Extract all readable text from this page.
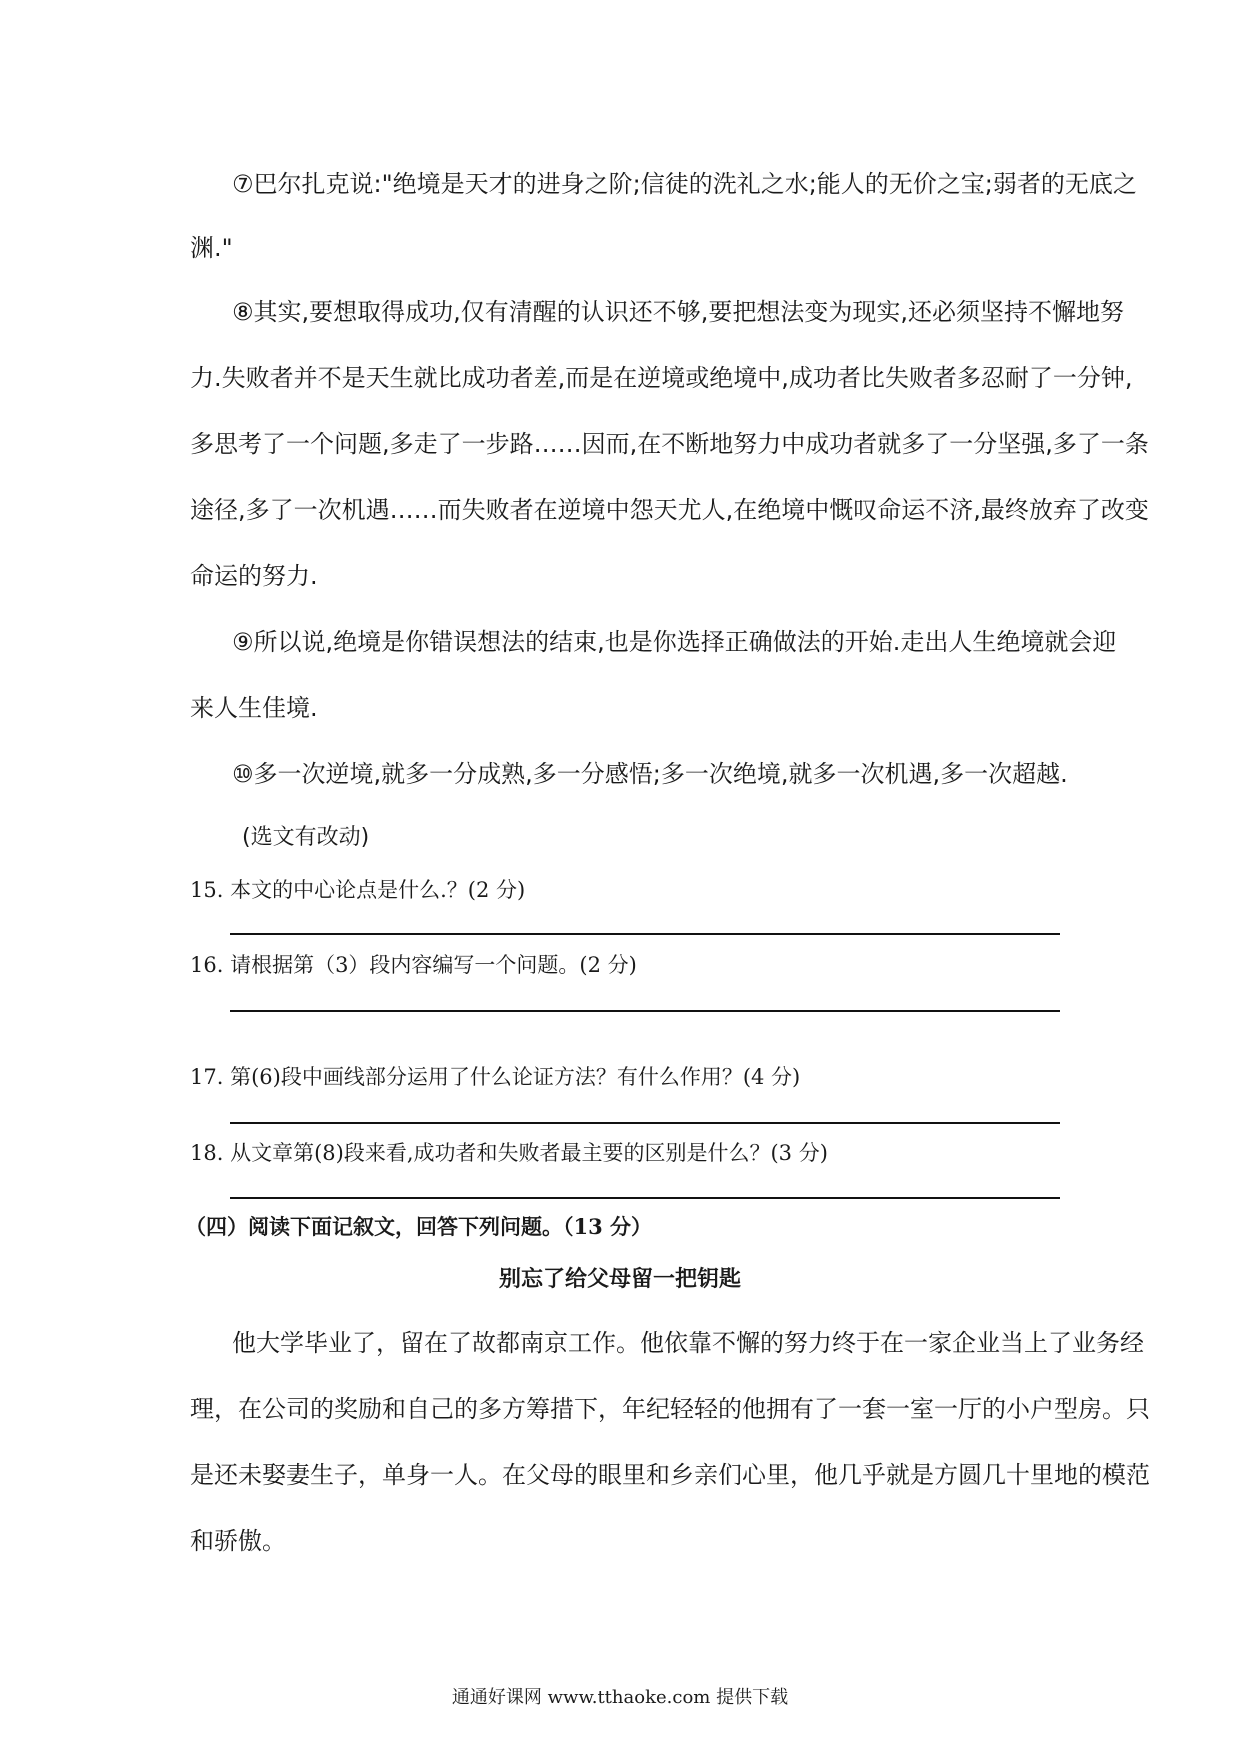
⑦巴尔扎克说:"绝境是天才的进身之阶;信徒的洗礼之水;能人的无价之宝;弱者的无底之
渊."
⑧其实,要想取得成功,仅有清醒的认识还不够,要把想法变为现实,还必须坚持不懈地努
力.失败者并不是天生就比成功者差,而是在逆境或绝境中,成功者比失败者多忍耐了一分钟,
多思考了一个问题,多走了一步路……因而,在不断地努力中成功者就多了一分坚强,多了一条
途径,多了一次机遇……而失败者在逆境中怨天尤人,在绝境中慨叹命运不济,最终放弃了改变
命运的努力.
⑨所以说,绝境是你错误想法的结束,也是你选择正确做法的开始.走出人生绝境就会迎
来人生佳境.
⑩多一次逆境,就多一分成熟,多一分感悟;多一次绝境,就多一次机遇,多一次超越.
(选文有改动)
15. 本文的中心论点是什么.？(2 分)
16. 请根据第（3）段内容编写一个问题。(2 分)
17. 第(6)段中画线部分运用了什么论证方法？有什么作用？(4 分)
18. 从文章第(8)段来看,成功者和失败者最主要的区别是什么？(3 分)
（四）阅读下面记叙文，回答下列问题。（13 分）
别忘了给父母留一把钥匙
他大学毕业了，留在了故都南京工作。他依靠不懈的努力终于在一家企业当上了业务经
理，在公司的奖励和自己的多方筹措下，年纪轻轻的他拥有了一套一室一厅的小户型房。只
是还未娶妻生子，单身一人。在父母的眼里和乡亲们心里，他几乎就是方圆几十里地的模范
和骄傲。
通通好课网 www.tthaoke.com 提供下载
